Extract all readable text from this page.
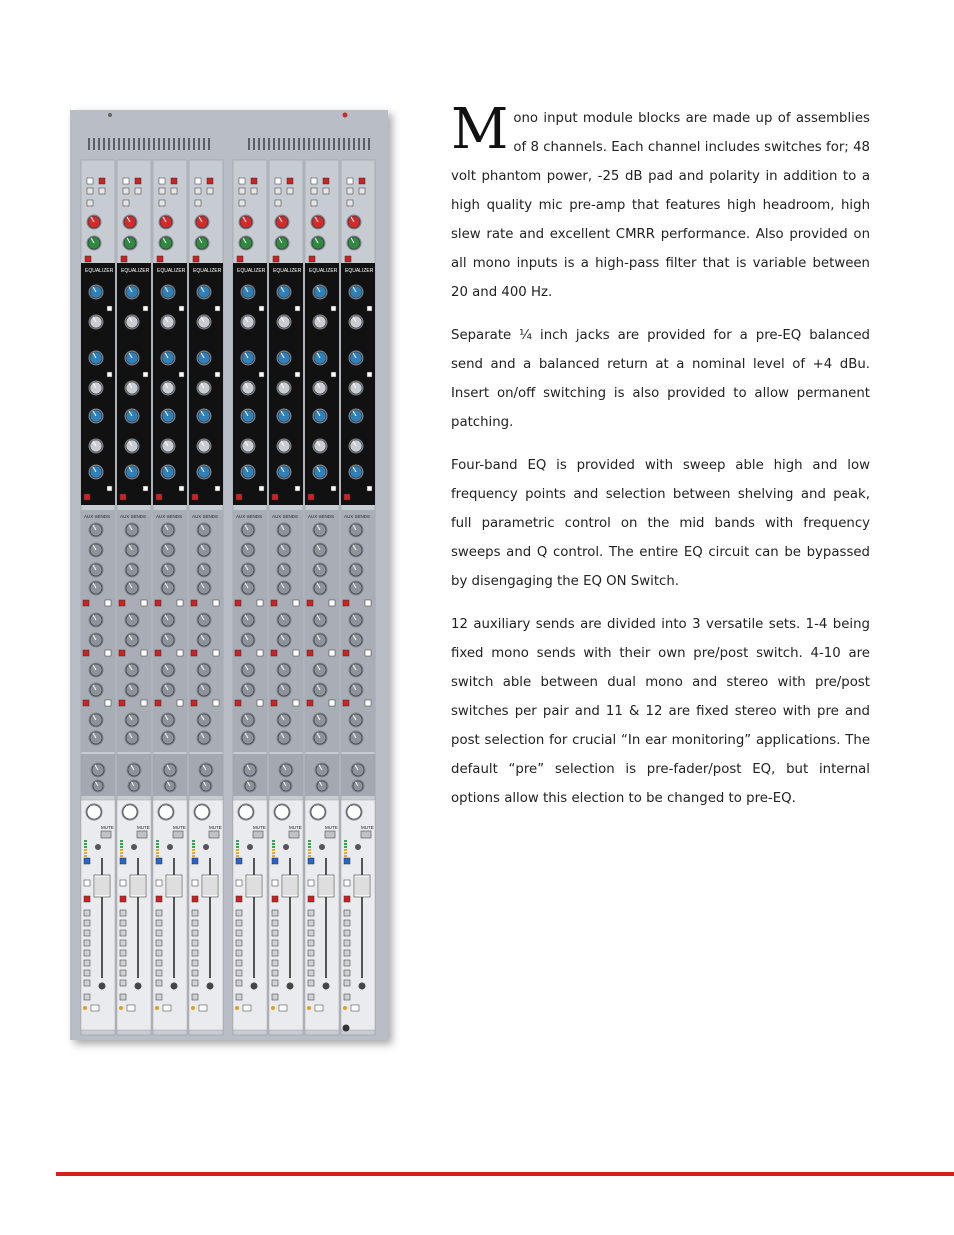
EQUALIZER
AUX SENDS
MUTE
EQUALIZER
AUX SENDS
MUTE
EQUALIZER
AUX SENDS
MUTE
EQUALIZER
AUX SENDS
MUTE
EQUALIZER
AUX SENDS
MUTE
EQUALIZER
AUX SENDS
MUTE
EQUALIZER
AUX SENDS
MUTE
EQUALIZER
AUX SENDS
MUTE

Mono input module blocks are made up of assemblies of 8 channels. Each channel includes switches for; 48 volt phantom power, -25 dB pad and polarity in addition to a high quality mic pre-amp that features high headroom, high slew rate and excellent CMRR performance. Also provided on all mono inputs is a high-pass filter that is variable between 20 and 400 Hz.

Separate ¼ inch jacks are provided for a pre-EQ balanced send and a balanced return at a nominal level of +4 dBu. Insert on/off switching is also provided to allow permanent patching.

Four-band EQ is provided with sweep able high and low frequency points and selection between shelving and peak, full parametric control on the mid bands with frequency sweeps and Q control. The entire EQ circuit can be bypassed by disengaging the EQ ON Switch.

12 auxiliary sends are divided into 3 versatile sets. 1-4 being fixed mono sends with their own pre/post switch. 4-10 are switch able between dual mono and stereo with pre/post switches per pair and 11 & 12 are fixed stereo with pre and post selection for crucial “In ear monitoring” applications. The default “pre” selection is pre-fader/post EQ, but internal options allow this election to be changed to pre-EQ.
